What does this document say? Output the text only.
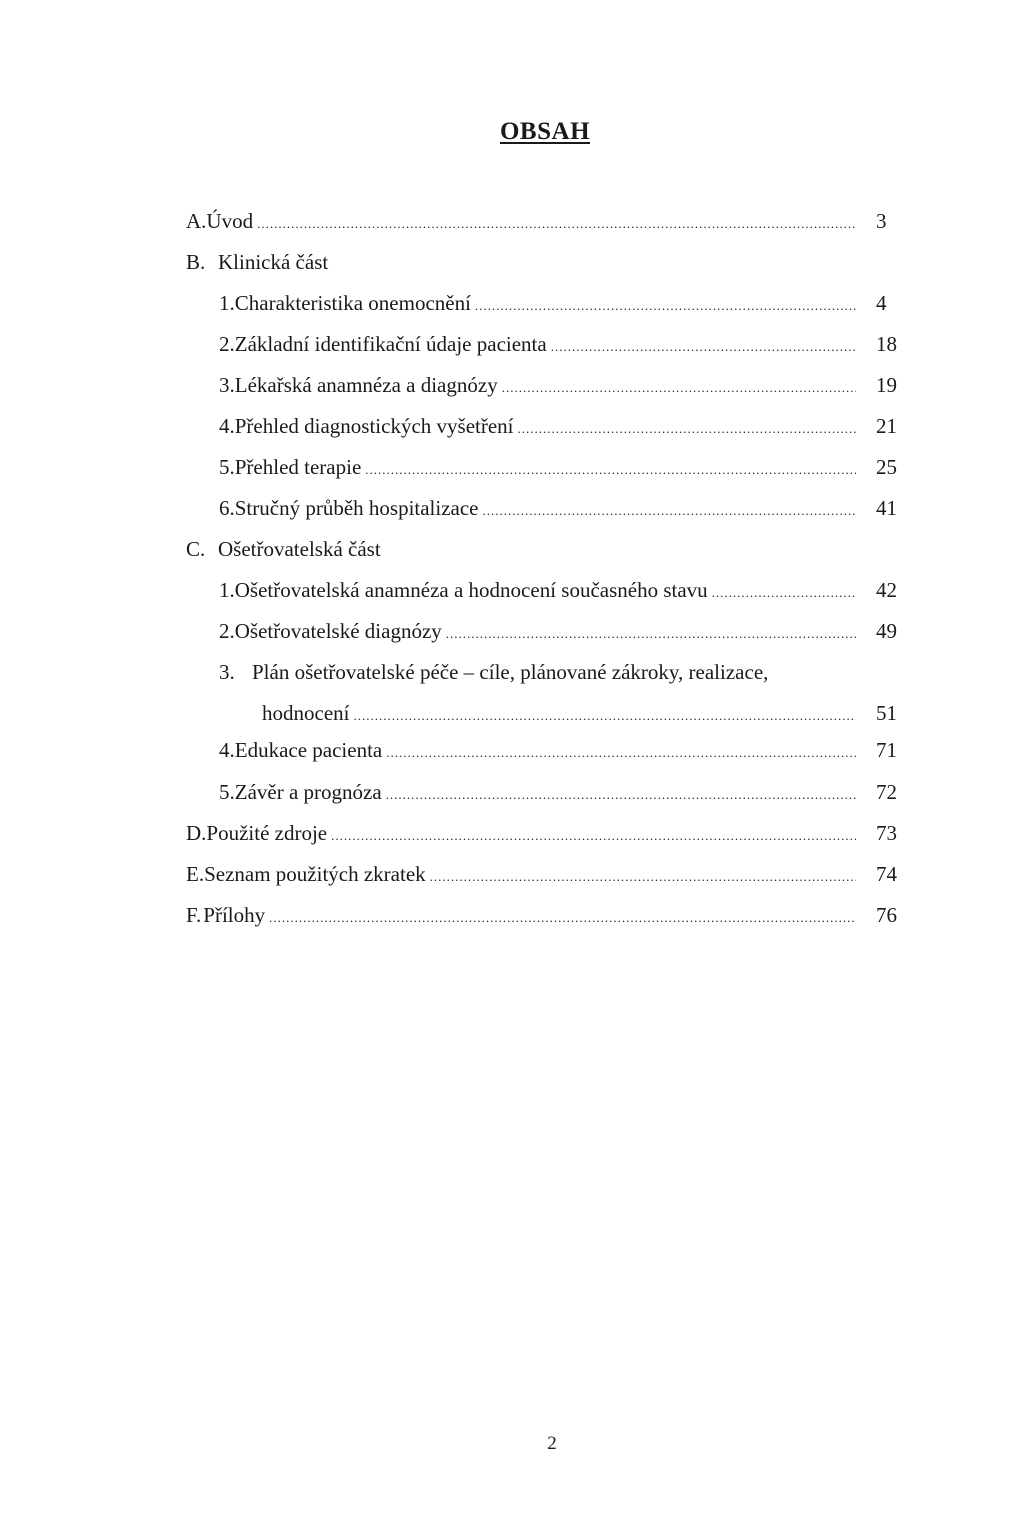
OBSAH
A. Úvod .....	3
B. Klinická část
1. Charakteristika onemocnění .....	4
2. Základní identifikační údaje pacienta .....	18
3. Lékařská anamnéza a diagnózy .....	19
4. Přehled diagnostických vyšetření .....	21
5. Přehled terapie .....	25
6. Stručný průběh hospitalizace .....	41
C. Ošetřovatelská část
1. Ošetřovatelská anamnéza a hodnocení současného stavu .....	42
2. Ošetřovatelské diagnózy .....	49
3. Plán ošetřovatelské péče – cíle, plánované zákroky, realizace,
hodnocení .....	51
4. Edukace pacienta .....	71
5. Závěr a prognóza .....	72
D. Použité zdroje .....	73
E. Seznam použitých zkratek .....	74
F. Přílohy .....	76
2
